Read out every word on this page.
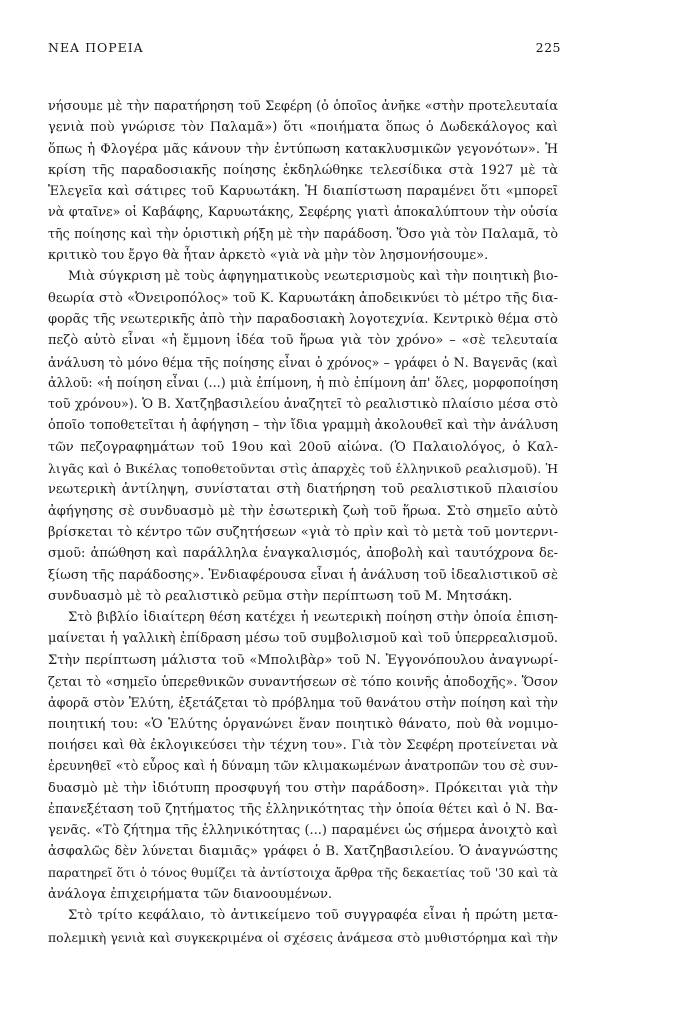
ΝΕΑ ΠΟΡΕΙΑ	225
νήσουμε μὲ τὴν παρατήρηση τοῦ Σεφέρη (ὁ ὁποῖος ἀνῆκε «στὴν προτελευταία
γενιὰ ποὺ γνώρισε τὸν Παλαμᾶ») ὅτι «ποιήματα ὅπως ὁ Δωδεκάλογος καὶ
ὅπως ἡ Φλογέρα μᾶς κάνουν τὴν ἐντύπωση κατακλυσμικῶν γεγονότων». Ἡ
κρίση τῆς παραδοσιακῆς ποίησης ἐκδηλώθηκε τελεσίδικα στὰ 1927 μὲ τὰ
Ἐλεγεῖα καὶ σάτιρες τοῦ Καρυωτάκη. Ἡ διαπίστωση παραμένει ὅτι «μπορεῖ
νὰ φταῖνε» οἱ Καβάφης, Καρυωτάκης, Σεφέρης γιατὶ ἀποκαλύπτουν τὴν οὐσία
τῆς ποίησης καὶ τὴν ὁριστικὴ ρήξη μὲ τὴν παράδοση. Ὅσο γιὰ τὸν Παλαμᾶ, τὸ
κριτικὸ του ἔργο θὰ ἦταν ἀρκετὸ «γιὰ νὰ μὴν τὸν λησμονήσουμε».
Μιὰ σύγκριση μὲ τοὺς ἀφηγηματικοὺς νεωτερισμοὺς καὶ τὴν ποιητικὴ βιο-
θεωρία στὸ «Ὀνειροπόλος» τοῦ Κ. Καρυωτάκη ἀποδεικνύει τὸ μέτρο τῆς δια-
φορᾶς τῆς νεωτερικῆς ἀπὸ τὴν παραδοσιακὴ λογοτεχνία. Κεντρικὸ θέμα στὸ
πεζὸ αὐτὸ εἶναι «ἡ ἔμμονη ἰδέα τοῦ ἥρωα γιὰ τὸν χρόνο» – «σὲ τελευταία
ἀνάλυση τὸ μόνο θέμα τῆς ποίησης εἶναι ὁ χρόνος» – γράφει ὁ Ν. Βαγενᾶς (καὶ
ἀλλοῦ: «ἡ ποίηση εἶναι (...) μιὰ ἐπίμονη, ἡ πιὸ ἐπίμονη ἀπ' ὅλες, μορφοποίηση
τοῦ χρόνου»). Ὁ Β. Χατζηβασιλείου ἀναζητεῖ τὸ ρεαλιστικὸ πλαίσιο μέσα στὸ
ὁποῖο τοποθετεῖται ἡ ἀφήγηση – τὴν ἴδια γραμμὴ ἀκολουθεῖ καὶ τὴν ἀνάλυση
τῶν πεζογραφημάτων τοῦ 19ου καὶ 20οῦ αἰώνα. (Ὁ Παλαιολόγος, ὁ Καλ-
λιγᾶς καὶ ὁ Βικέλας τοποθετοῦνται στὶς ἀπαρχὲς τοῦ ἑλληνικοῦ ρεαλισμοῦ). Ἡ
νεωτερικὴ ἀντίληψη, συνίσταται στὴ διατήρηση τοῦ ρεαλιστικοῦ πλαισίου
ἀφήγησης σὲ συνδυασμὸ μὲ τὴν ἐσωτερικὴ ζωὴ τοῦ ἥρωα. Στὸ σημεῖο αὐτὸ
βρίσκεται τὸ κέντρο τῶν συζητήσεων «γιὰ τὸ πρὶν καὶ τὸ μετὰ τοῦ μοντερνι-
σμοῦ: ἀπώθηση καὶ παράλληλα ἐναγκαλισμός, ἀποβολὴ καὶ ταυτόχρονα δε-
ξίωση τῆς παράδοσης». Ἐνδιαφέρουσα εἶναι ἡ ἀνάλυση τοῦ ἰδεαλιστικοῦ σὲ
συνδυασμὸ μὲ τὸ ρεαλιστικὸ ρεῦμα στὴν περίπτωση τοῦ Μ. Μητσάκη.
Στὸ βιβλίο ἰδιαίτερη θέση κατέχει ἡ νεωτερικὴ ποίηση στὴν ὁποία ἐπιση-
μαίνεται ἡ γαλλικὴ ἐπίδραση μέσω τοῦ συμβολισμοῦ καὶ τοῦ ὑπερρεαλισμοῦ.
Στὴν περίπτωση μάλιστα τοῦ «Μπολιβὰρ» τοῦ Ν. Ἐγγονόπουλου ἀναγνωρί-
ζεται τὸ «σημεῖο ὑπερεθνικῶν συναντήσεων σὲ τόπο κοινῆς ἀποδοχῆς». Ὅσον
ἀφορᾶ στὸν Ἐλύτη, ἐξετάζεται τὸ πρόβλημα τοῦ θανάτου στὴν ποίηση καὶ τὴν
ποιητική του: «Ὁ Ἐλύτης ὀργανώνει ἕναν ποιητικὸ θάνατο, ποὺ θὰ νομιμο-
ποιήσει καὶ θὰ ἐκλογικεύσει τὴν τέχνη του». Γιὰ τὸν Σεφέρη προτείνεται νὰ
ἐρευνηθεῖ «τὸ εὖρος καὶ ἡ δύναμη τῶν κλιμακωμένων ἀνατροπῶν του σὲ συν-
δυασμὸ μὲ τὴν ἰδιότυπη προσφυγή του στὴν παράδοση». Πρόκειται γιὰ τὴν
ἐπανεξέταση τοῦ ζητήματος τῆς ἑλληνικότητας τὴν ὁποία θέτει καὶ ὁ Ν. Βα-
γενᾶς. «Τὸ ζήτημα τῆς ἑλληνικότητας (...) παραμένει ὡς σήμερα ἀνοιχτὸ καὶ
ἀσφαλῶς δὲν λύνεται διαμιᾶς» γράφει ὁ Β. Χατζηβασιλείου. Ὁ ἀναγνώστης
παρατηρεῖ ὅτι ὁ τόνος θυμίζει τὰ ἀντίστοιχα ἄρθρα τῆς δεκαετίας τοῦ '30 καὶ τὰ
ἀνάλογα ἐπιχειρήματα τῶν διανοουμένων.
Στὸ τρίτο κεφάλαιο, τὸ ἀντικείμενο τοῦ συγγραφέα εἶναι ἡ πρώτη μετα-
πολεμικὴ γενιὰ καὶ συγκεκριμένα οἱ σχέσεις ἀνάμεσα στὸ μυθιστόρημα καὶ τὴν
